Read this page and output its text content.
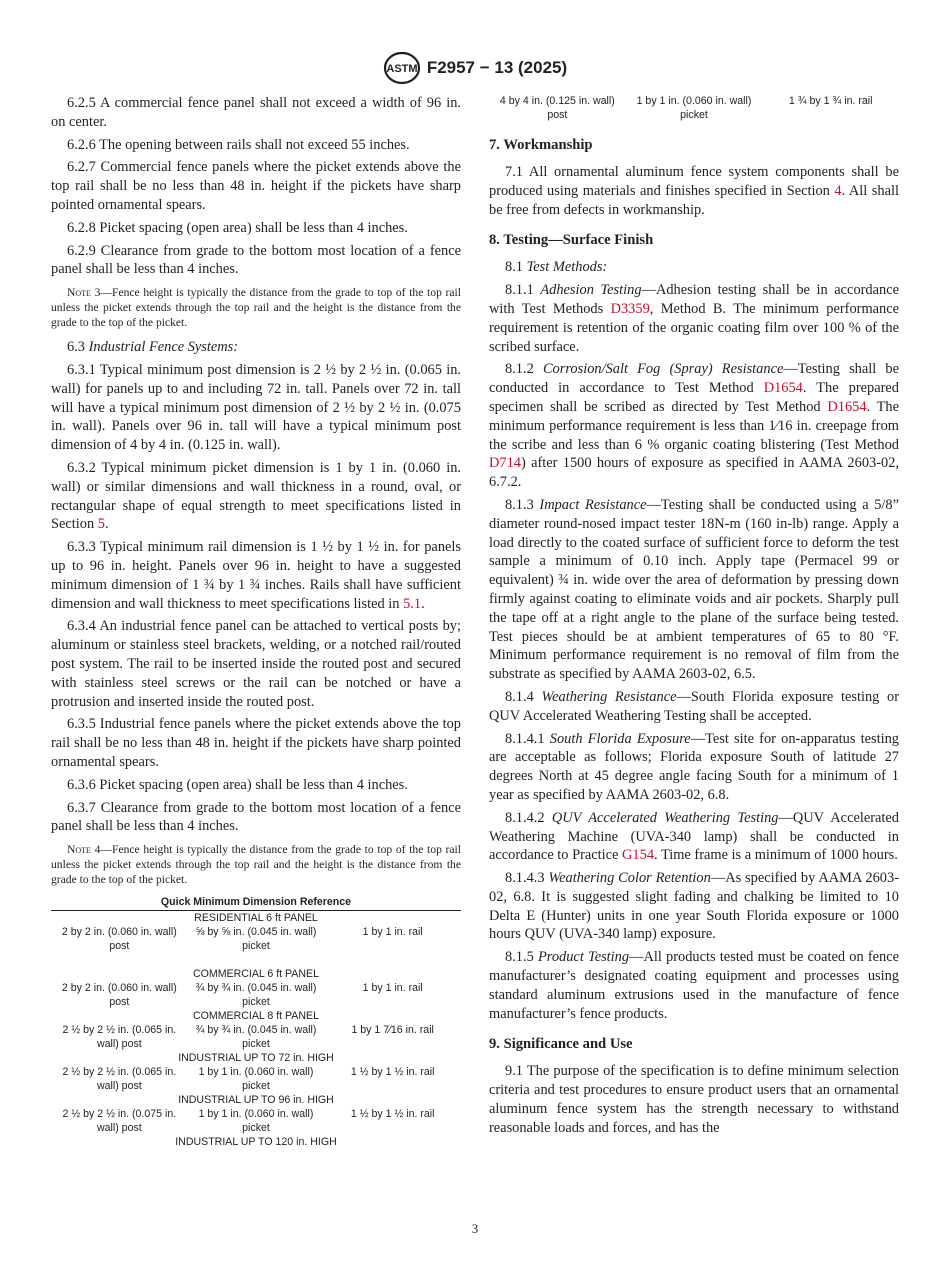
ASTM F2957 − 13 (2025)

6.2.5 A commercial fence panel shall not exceed a width of 96 in. on center.

6.2.6 The opening between rails shall not exceed 55 inches.

6.2.7 Commercial fence panels where the picket extends above the top rail shall be no less than 48 in. height if the pickets have sharp pointed ornamental spears.

6.2.8 Picket spacing (open area) shall be less than 4 inches.

6.2.9 Clearance from grade to the bottom most location of a fence panel shall be less than 4 inches.

Note 3—Fence height is typically the distance from the grade to top of the top rail unless the picket extends through the top rail and the height is the distance from the grade to the top of the picket.

6.3 Industrial Fence Systems:

6.3.1 Typical minimum post dimension is 2 ½ by 2 ½ in. (0.065 in. wall) for panels up to and including 72 in. tall. Panels over 72 in. tall will have a typical minimum post dimension of 2 ½ by 2 ½ in. (0.075 in. wall). Panels over 96 in. tall will have a typical minimum post dimension of 4 by 4 in. (0.125 in. wall).

6.3.2 Typical minimum picket dimension is 1 by 1 in. (0.060 in. wall) or similar dimensions and wall thickness in a round, oval, or rectangular shape of equal strength to meet specifications listed in Section 5.

6.3.3 Typical minimum rail dimension is 1 ½ by 1 ½ in. for panels up to 96 in. height. Panels over 96 in. height to have a suggested minimum dimension of 1 ¾ by 1 ¾ inches. Rails shall have sufficient dimension and wall thickness to meet specifications listed in 5.1.

6.3.4 An industrial fence panel can be attached to vertical posts by; aluminum or stainless steel brackets, welding, or a notched rail/routed post system. The rail to be inserted inside the routed post and secured with stainless steel screws or the rail can be notched or have a protrusion and inserted inside the routed post.

6.3.5 Industrial fence panels where the picket extends above the top rail shall be no less than 48 in. height if the pickets have sharp pointed ornamental spears.

6.3.6 Picket spacing (open area) shall be less than 4 inches.

6.3.7 Clearance from grade to the bottom most location of a fence panel shall be less than 4 inches.

Note 4—Fence height is typically the distance from the grade to top of the top rail unless the picket extends through the top rail and the height is the distance from the grade to the top of the picket.

Quick Minimum Dimension Reference
RESIDENTIAL 6 ft PANEL
2 by 2 in. (0.060 in. wall) post
⅝ by ⅝ in. (0.045 in. wall) picket
1 by 1 in. rail
COMMERCIAL 6 ft PANEL
2 by 2 in. (0.060 in. wall) post
¾ by ¾ in. (0.045 in. wall) picket
1 by 1 in. rail
COMMERCIAL 8 ft PANEL
2 ½ by 2 ½ in. (0.065 in. wall) post
¾ by ¾ in. (0.045 in. wall) picket
1 by 1 7⁄16 in. rail
INDUSTRIAL UP TO 72 in. HIGH
2 ½ by 2 ½ in. (0.065 in. wall) post
1 by 1 in. (0.060 in. wall) picket
1 ½ by 1 ½ in. rail
INDUSTRIAL UP TO 96 in. HIGH
2 ½ by 2 ½ in. (0.075 in. wall) post
1 by 1 in. (0.060 in. wall) picket
1 ½ by 1 ½ in. rail
INDUSTRIAL UP TO 120 in. HIGH
4 by 4 in. (0.125 in. wall) post
1 by 1 in. (0.060 in. wall) picket
1 ¾ by 1 ¾ in. rail
7. Workmanship

7.1 All ornamental aluminum fence system components shall be produced using materials and finishes specified in Section 4. All shall be free from defects in workmanship.

8. Testing—Surface Finish

8.1 Test Methods:

8.1.1 Adhesion Testing—Adhesion testing shall be in accordance with Test Methods D3359, Method B. The minimum performance requirement is retention of the organic coating film over 100 % of the scribed surface.

8.1.2 Corrosion/Salt Fog (Spray) Resistance—Testing shall be conducted in accordance to Test Method D1654. The prepared specimen shall be scribed as directed by Test Method D1654. The minimum performance requirement is less than 1⁄16 in. creepage from the scribe and less than 6 % organic coating blistering (Test Method D714) after 1500 hours of exposure as specified in AAMA 2603-02, 6.7.2.

8.1.3 Impact Resistance—Testing shall be conducted using a 5/8” diameter round-nosed impact tester 18N-m (160 in-lb) range. Apply a load directly to the coated surface of sufficient force to deform the test sample a minimum of 0.10 inch. Apply tape (Permacel 99 or equivalent) ¾ in. wide over the area of deformation by pressing down firmly against coating to eliminate voids and air pockets. Sharply pull the tape off at a right angle to the plane of the surface being tested. Test pieces should be at ambient temperatures of 65 to 80 °F. Minimum performance requirement is no removal of film from the substrate as specified by AAMA 2603-02, 6.5.

8.1.4 Weathering Resistance—South Florida exposure testing or QUV Accelerated Weathering Testing shall be accepted.

8.1.4.1 South Florida Exposure—Test site for on-apparatus testing are acceptable as follows; Florida exposure South of latitude 27 degrees North at 45 degree angle facing South for a minimum of 1 year as specified by AAMA 2603-02, 6.8.

8.1.4.2 QUV Accelerated Weathering Testing—QUV Accelerated Weathering Machine (UVA-340 lamp) shall be conducted in accordance to Practice G154. Time frame is a minimum of 1000 hours.

8.1.4.3 Weathering Color Retention—As specified by AAMA 2603-02, 6.8. It is suggested slight fading and chalking be limited to 10 Delta E (Hunter) units in one year South Florida exposure or 1000 hours QUV (UVA-340 lamp) exposure.

8.1.5 Product Testing—All products tested must be coated on fence manufacturer’s designated coating equipment and processes using standard aluminum extrusions used in the manufacture of fence manufacturer’s fence products.

9. Significance and Use

9.1 The purpose of the specification is to define minimum selection criteria and test procedures to ensure product users that an ornamental aluminum fence system has the strength necessary to withstand reasonable loads and forces, and has the

3
